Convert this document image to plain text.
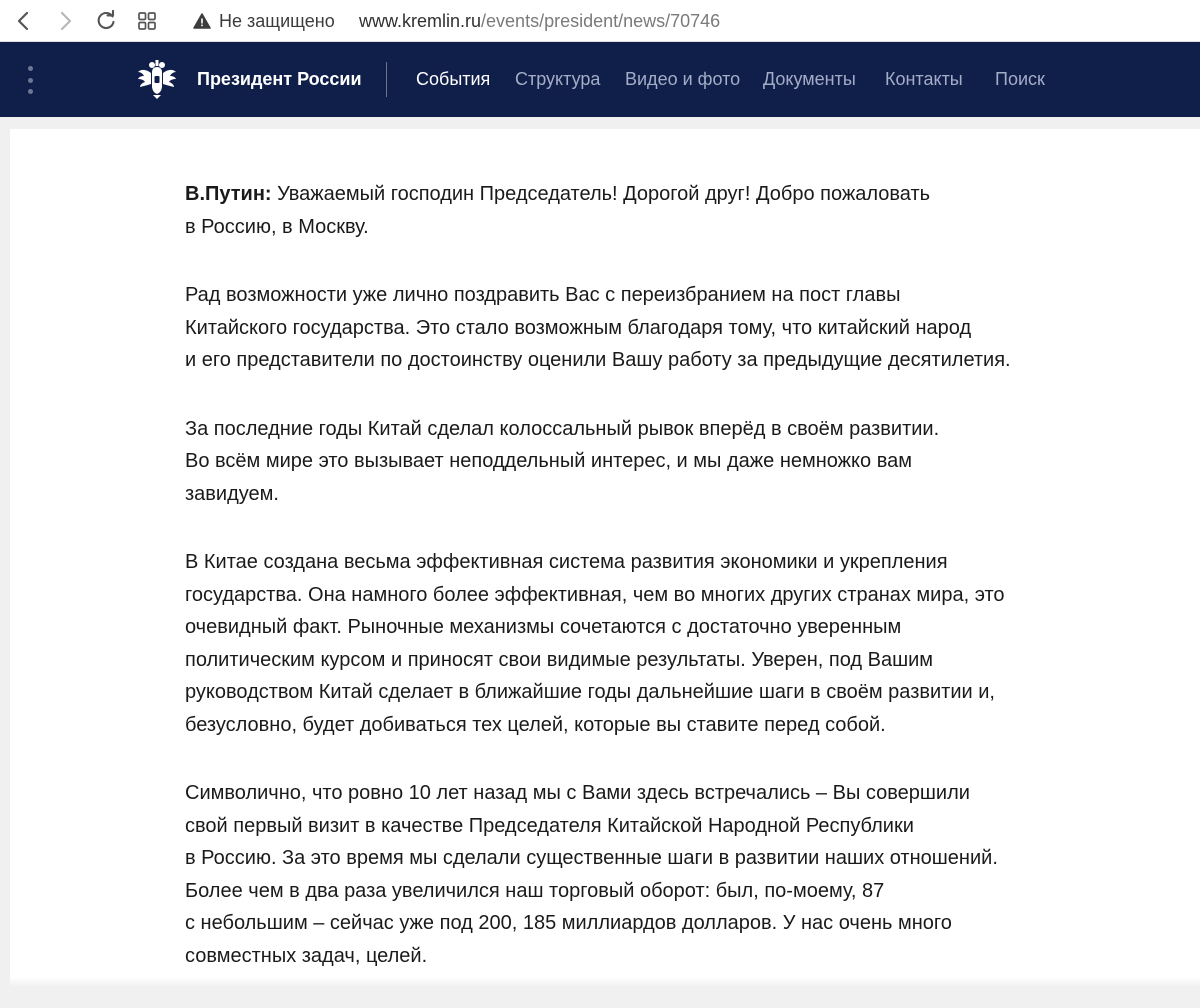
Не защищено www.kremlin.ru /events/president/news/70746
Президент России	События Структура Видео и фото Документы Контакты Поиск

В.Путин: Уважаемый господин Председатель! Дорогой друг! Добро пожаловать
в Россию, в Москву.

Рад возможности уже лично поздравить Вас с переизбранием на пост главы
Китайского государства. Это стало возможным благодаря тому, что китайский народ
и его представители по достоинству оценили Вашу работу за предыдущие десятилетия.

За последние годы Китай сделал колоссальный рывок вперёд в своём развитии.
Во всём мире это вызывает неподдельный интерес, и мы даже немножко вам
завидуем.

В Китае создана весьма эффективная система развития экономики и укрепления
государства. Она намного более эффективная, чем во многих других странах мира, это
очевидный факт. Рыночные механизмы сочетаются с достаточно уверенным
политическим курсом и приносят свои видимые результаты. Уверен, под Вашим
руководством Китай сделает в ближайшие годы дальнейшие шаги в своём развитии и,
безусловно, будет добиваться тех целей, которые вы ставите перед собой.

Символично, что ровно 10 лет назад мы с Вами здесь встречались – Вы совершили
свой первый визит в качестве Председателя Китайской Народной Республики
в Россию. За это время мы сделали существенные шаги в развитии наших отношений.
Более чем в два раза увеличился наш торговый оборот: был, по-моему, 87
с небольшим – сейчас уже под 200, 185 миллиардов долларов. У нас очень много
совместных задач, целей.
